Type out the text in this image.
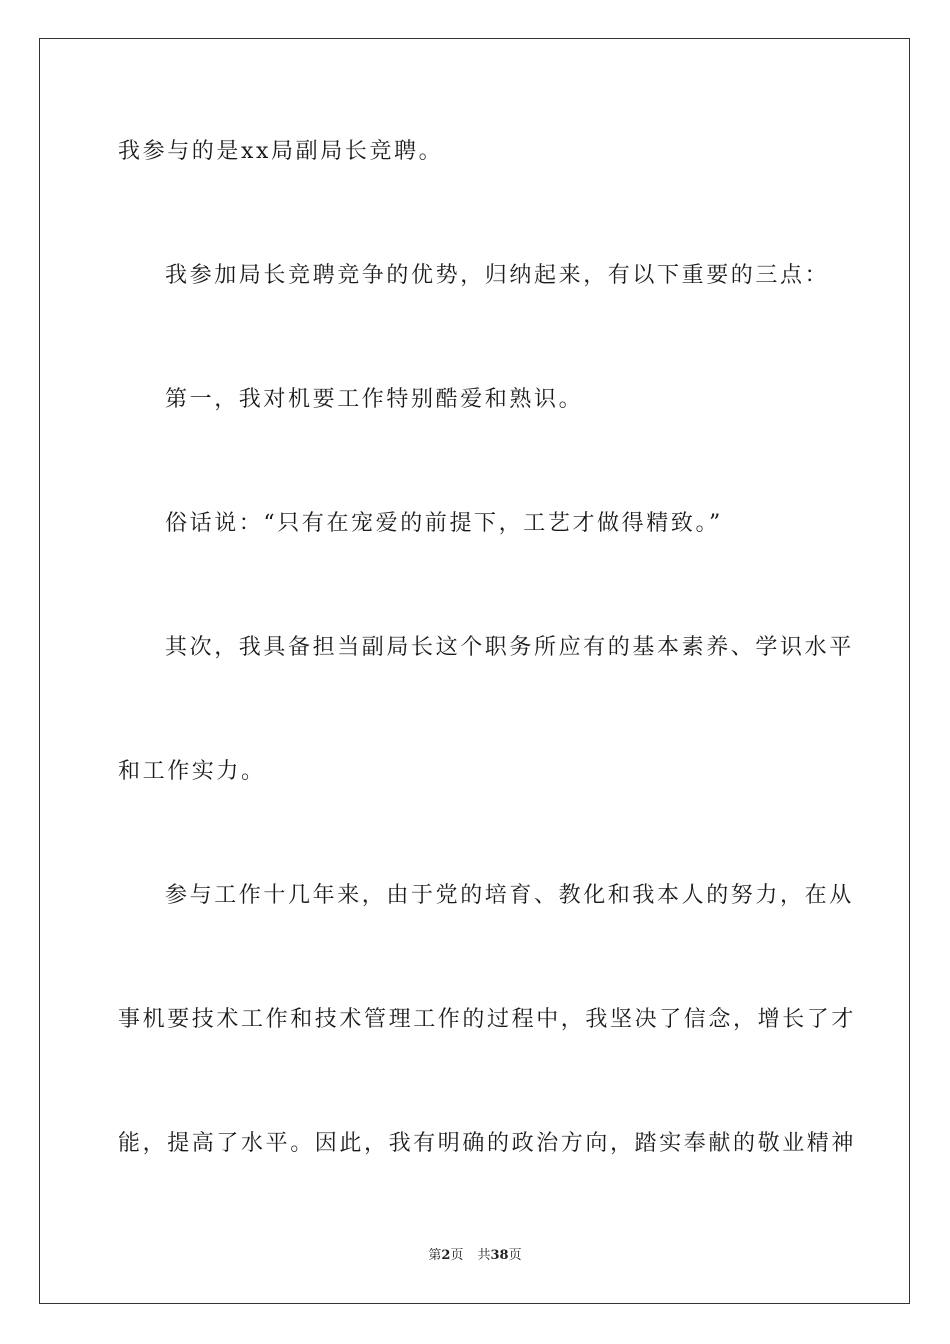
我参与的是xx局副局长竞聘。
我参加局长竞聘竞争的优势，归纳起来，有以下重要的三点：
第一，我对机要工作特别酷爱和熟识。
俗话说：“只有在宠爱的前提下，工艺才做得精致。”
其次，我具备担当副局长这个职务所应有的基本素养、学识水平
和工作实力。
参与工作十几年来，由于党的培育、教化和我本人的努力，在从
事机要技术工作和技术管理工作的过程中，我坚决了信念，增长了才
能，提高了水平。因此，我有明确的政治方向，踏实奉献的敬业精神
第2页 共38页
